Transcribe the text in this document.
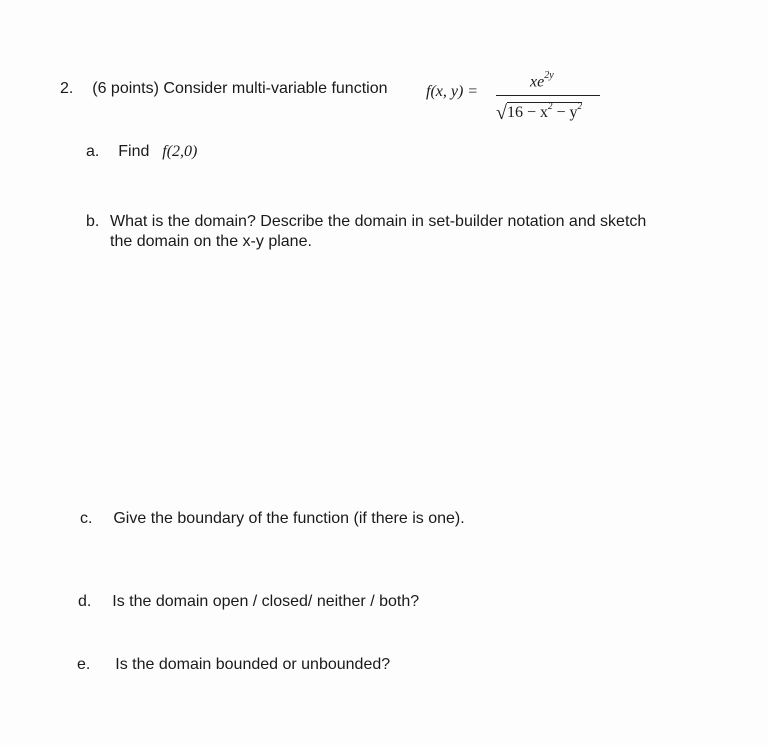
2. (6 points) Consider multi-variable function f(x, y) =
$xe^{2y}$
$√16 - x^2 - y^2$
a. Find f(2,0)
b. What is the domain? Describe the domain in set-builder notation and sketch
the domain on the x-y plane.
c. Give the boundary of the function (if there is one).
d. Is the domain open / closed/ neither / both?
e. Is the domain bounded or unbounded?
